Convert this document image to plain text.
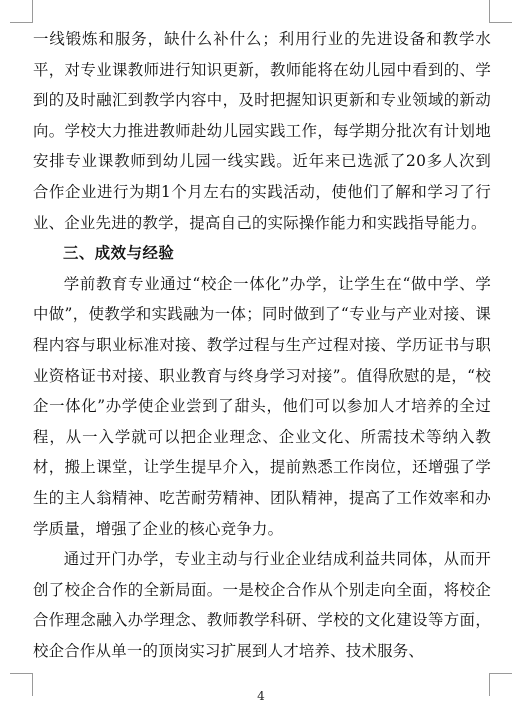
一线锻炼和服务，缺什么补什么；利用行业的先进设备和教学水平，对专业课教师进行知识更新，教师能将在幼儿园中看到的、学到的及时融汇到教学内容中，及时把握知识更新和专业领域的新动向。学校大力推进教师赴幼儿园实践工作，每学期分批次有计划地安排专业课教师到幼儿园一线实践。近年来已选派了20多人次到合作企业进行为期1个月左右的实践活动，使他们了解和学习了行业、企业先进的教学，提高自己的实际操作能力和实践指导能力。

三、成效与经验

学前教育专业通过“校企一体化”办学，让学生在“做中学、学中做”，使教学和实践融为一体；同时做到了“专业与产业对接、课程内容与职业标准对接、教学过程与生产过程对接、学历证书与职业资格证书对接、职业教育与终身学习对接”。值得欣慰的是，“校企一体化”办学使企业尝到了甜头，他们可以参加人才培养的全过程，从一入学就可以把企业理念、企业文化、所需技术等纳入教材，搬上课堂，让学生提早介入，提前熟悉工作岗位，还增强了学生的主人翁精神、吃苦耐劳精神、团队精神，提高了工作效率和办学质量，增强了企业的核心竞争力。

通过开门办学，专业主动与行业企业结成利益共同体，从而开创了校企合作的全新局面。一是校企合作从个别走向全面，将校企合作理念融入办学理念、教师教学科研、学校的文化建设等方面，校企合作从单一的顶岗实习扩展到人才培养、技术服务、

4
